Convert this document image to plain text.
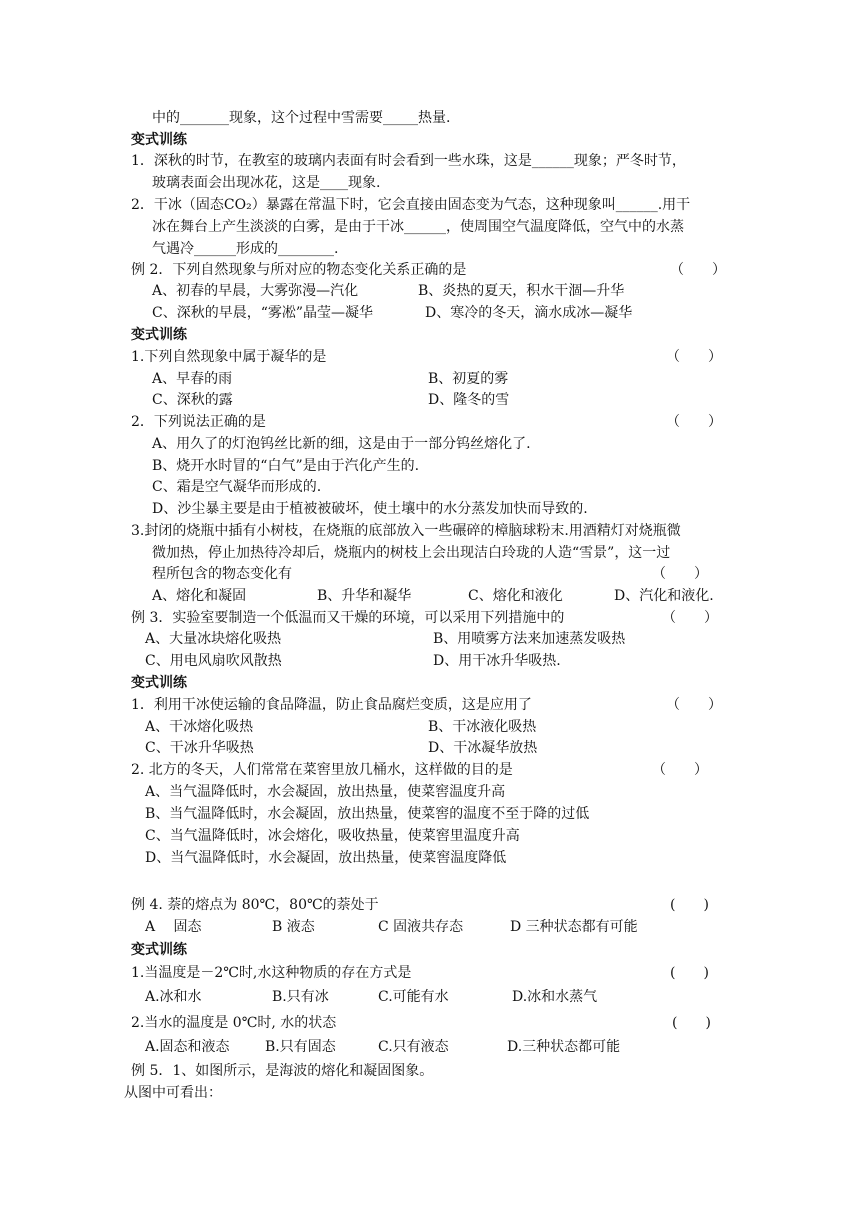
中的_______现象，这个过程中雪需要_____热量.
变式训练
1．深秋的时节，在教室的玻璃内表面有时会看到一些水珠，这是______现象；严冬时节，
玻璃表面会出现冰花，这是____现象.
2．干冰（固态CO₂）暴露在常温下时，它会直接由固态变为气态，这种现象叫______.用干
冰在舞台上产生淡淡的白雾，是由于干冰______，使周围空气温度降低，空气中的水蒸
气遇冷______形成的________.
例 2．下列自然现象与所对应的物态变化关系正确的是	（　　）
A、初春的早晨，大雾弥漫—汽化	B、炎热的夏天，积水干涸—升华
C、深秋的早晨，“雾凇”晶莹—凝华	D、寒冷的冬天，滴水成冰—凝华
变式训练
1.下列自然现象中属于凝华的是	（　　）
A、早春的雨	B、初夏的雾
C、深秋的露	D、隆冬的雪
2．下列说法正确的是	（　　）
A、用久了的灯泡钨丝比新的细，这是由于一部分钨丝熔化了.
B、烧开水时冒的“白气”是由于汽化产生的.
C、霜是空气凝华而形成的.
D、沙尘暴主要是由于植被被破坏，使土壤中的水分蒸发加快而导致的.
3.封闭的烧瓶中插有小树枝，在烧瓶的底部放入一些碾碎的樟脑球粉末.用酒精灯对烧瓶微
微加热，停止加热待冷却后，烧瓶内的树枝上会出现洁白玲珑的人造“雪景”，这一过
程所包含的物态变化有	（　　）
A、熔化和凝固	B、升华和凝华	C、熔化和液化	D、汽化和液化.
例 3．实验室要制造一个低温而又干燥的环境，可以采用下列措施中的	（　　）
A、大量冰块熔化吸热	B、用喷雾方法来加速蒸发吸热
C、用电风扇吹风散热	D、用干冰升华吸热.
变式训练
1．利用干冰使运输的食品降温，防止食品腐烂变质，这是应用了	（　　）
A、干冰熔化吸热	B、干冰液化吸热
C、干冰升华吸热	D、干冰凝华放热
2. 北方的冬天，人们常常在菜窖里放几桶水，这样做的目的是	（　　）
A、当气温降低时，水会凝固，放出热量，使菜窖温度升高
B、当气温降低时，水会凝固，放出热量，使菜窖的温度不至于降的过低
C、当气温降低时，冰会熔化，吸收热量，使菜窖里温度升高
D、当气温降低时，水会凝固，放出热量，使菜窖温度降低
例 4. 萘的熔点为 80℃，80℃的萘处于	(　　)
A　 固态	B 液态	C 固液共存态	D 三种状态都有可能
变式训练
1.当温度是－2℃时,水这种物质的存在方式是	(　　)
A.冰和水	B.只有冰	C.可能有水	D.冰和水蒸气
2.当水的温度是 0℃时, 水的状态	(　　)
A.固态和液态	B.只有固态	C.只有液态	D.三种状态都可能
例 5．1、如图所示，是海波的熔化和凝固图象。
从图中可看出：
